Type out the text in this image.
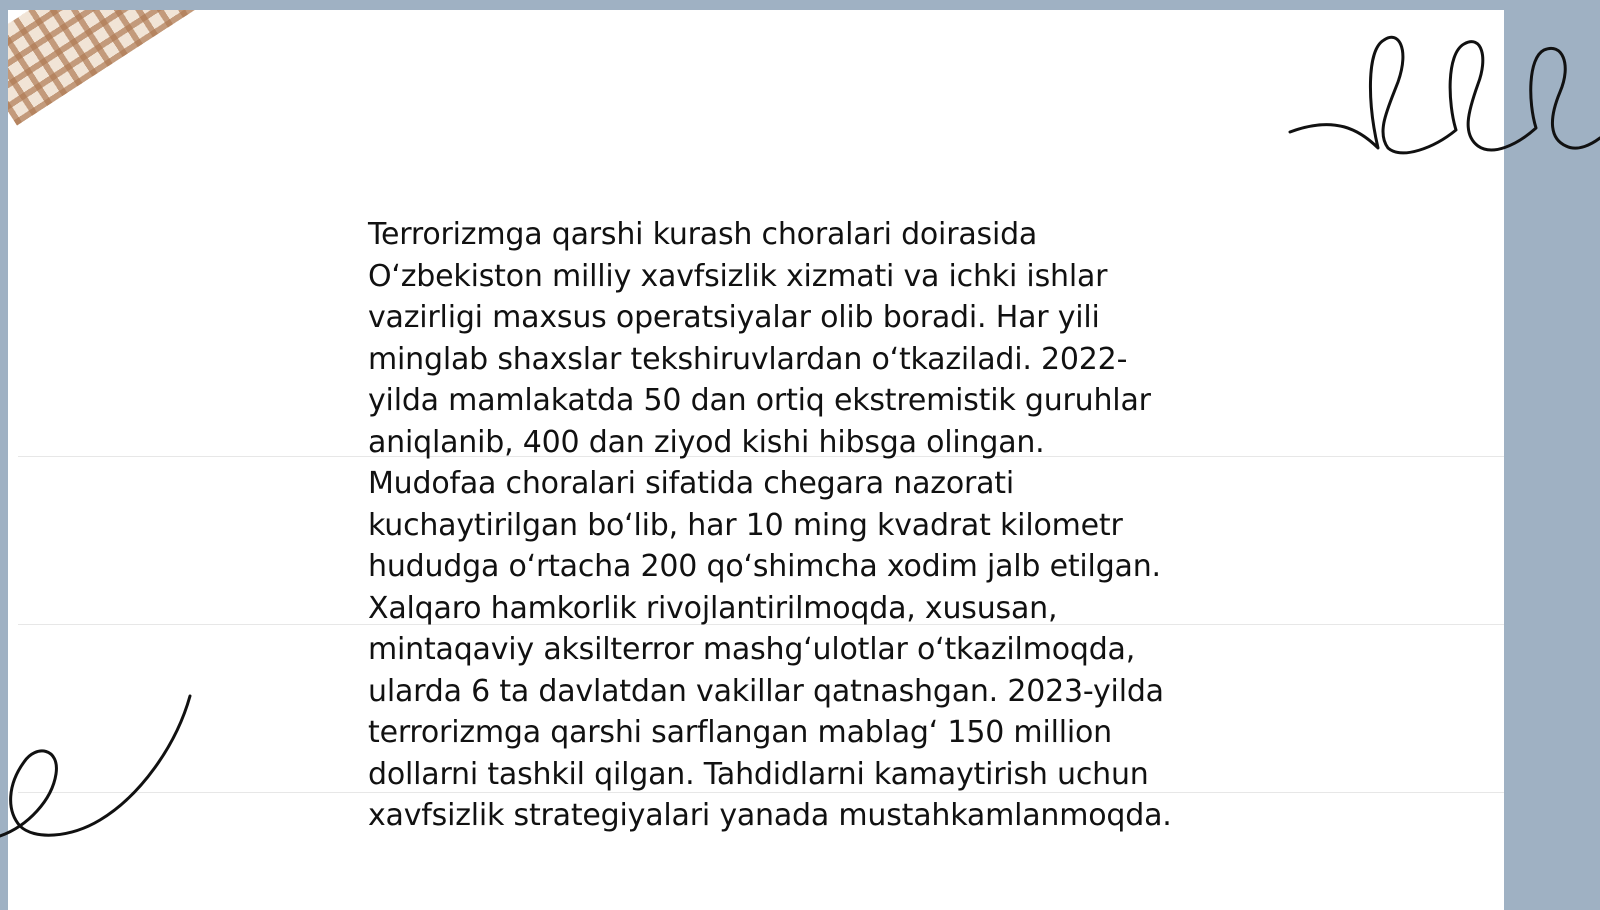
Terrorizmga qarshi kurash choralari doirasida
O‘zbekiston milliy xavfsizlik xizmati va ichki ishlar
vazirligi maxsus operatsiyalar olib boradi. Har yili
minglab shaxslar tekshiruvlardan o‘tkaziladi. 2022-
yilda mamlakatda 50 dan ortiq ekstremistik guruhlar
aniqlanib, 400 dan ziyod kishi hibsga olingan.
Mudofaa choralari sifatida chegara nazorati
kuchaytirilgan bo‘lib, har 10 ming kvadrat kilometr
hududga o‘rtacha 200 qo‘shimcha xodim jalb etilgan.
Xalqaro hamkorlik rivojlantirilmoqda, xususan,
mintaqaviy aksilterror mashg‘ulotlar o‘tkazilmoqda,
ularda 6 ta davlatdan vakillar qatnashgan. 2023-yilda
terrorizmga qarshi sarflangan mablag‘ 150 million
dollarni tashkil qilgan. Tahdidlarni kamaytirish uchun
xavfsizlik strategiyalari yanada mustahkamlanmoqda.
